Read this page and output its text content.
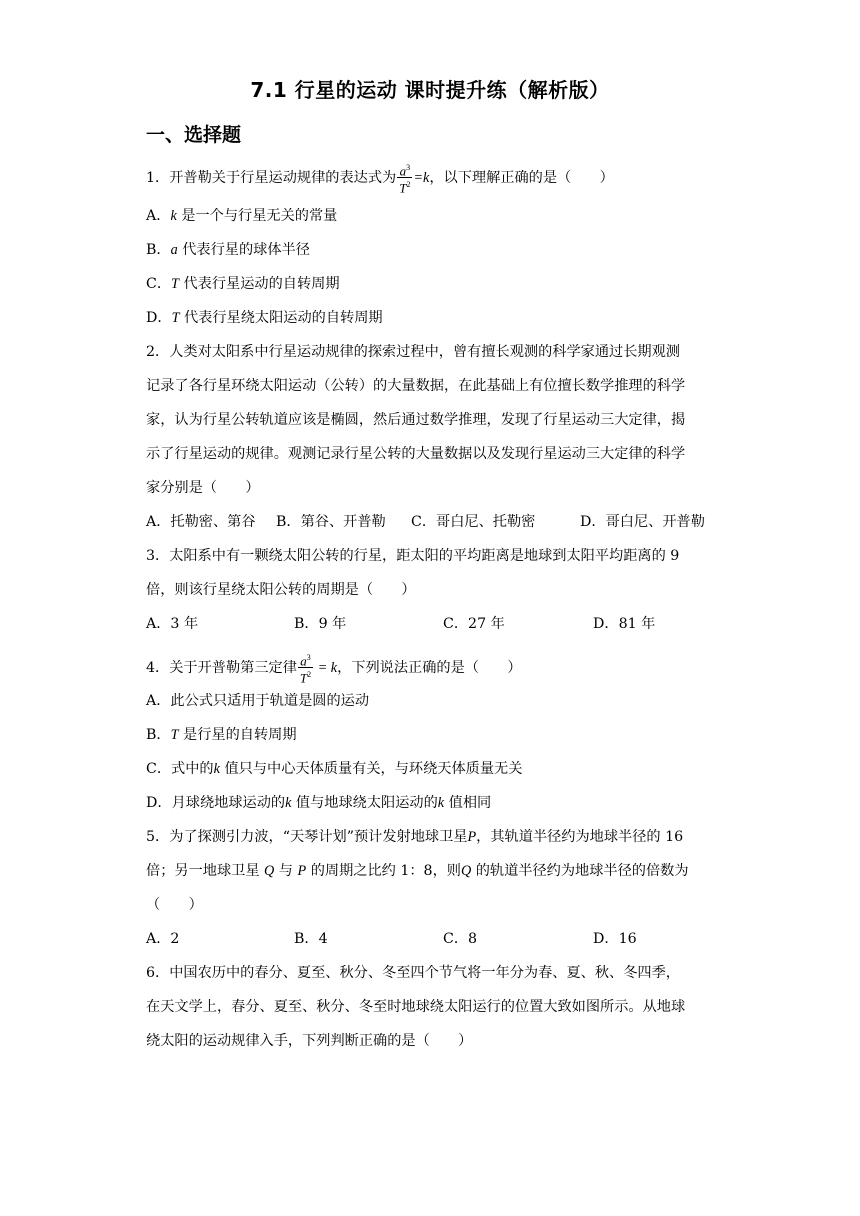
7.1 行星的运动 课时提升练（解析版）
一、选择题
1．开普勒关于行星运动规律的表达式为 $\frac{a^3}{T^2} =k$，以下理解正确的是（　　）
A．k 是一个与行星无关的常量
B．a 代表行星的球体半径
C．T 代表行星运动的自转周期
D．T 代表行星绕太阳运动的自转周期
2．人类对太阳系中行星运动规律的探索过程中，曾有擅长观测的科学家通过长期观测
记录了各行星环绕太阳运动（公转）的大量数据，在此基础上有位擅长数学推理的科学
家，认为行星公转轨道应该是椭圆，然后通过数学推理，发现了行星运动三大定律，揭
示了行星运动的规律。观测记录行星公转的大量数据以及发现行星运动三大定律的科学
家分别是（　　）
A．托勒密、第谷 B．第谷、开普勒 C．哥白尼、托勒密	D．哥白尼、开普勒
3．太阳系中有一颗绕太阳公转的行星，距太阳的平均距离是地球到太阳平均距离的 9
倍，则该行星绕太阳公转的周期是（　　）
A．3 年	B．9 年	C．27 年	D．81 年
4．关于开普勒第三定律 $\frac{a^3}{T^2} = k$，下列说法正确的是（　　）
A．此公式只适用于轨道是圆的运动
B．T 是行星的自转周期
C．式中的k 值只与中心天体质量有关，与环绕天体质量无关
D．月球绕地球运动的k 值与地球绕太阳运动的k 值相同
5．为了探测引力波，“天琴计划”预计发射地球卫星P，其轨道半径约为地球半径的 16
倍；另一地球卫星 Q 与 P 的周期之比约 1：8，则Q 的轨道半径约为地球半径的倍数为
（　　）
A．2	B．4	C．8	D．16
6．中国农历中的春分、夏至、秋分、冬至四个节气将一年分为春、夏、秋、冬四季，
在天文学上，春分、夏至、秋分、冬至时地球绕太阳运行的位置大致如图所示。从地球
绕太阳的运动规律入手，下列判断正确的是（　　）
